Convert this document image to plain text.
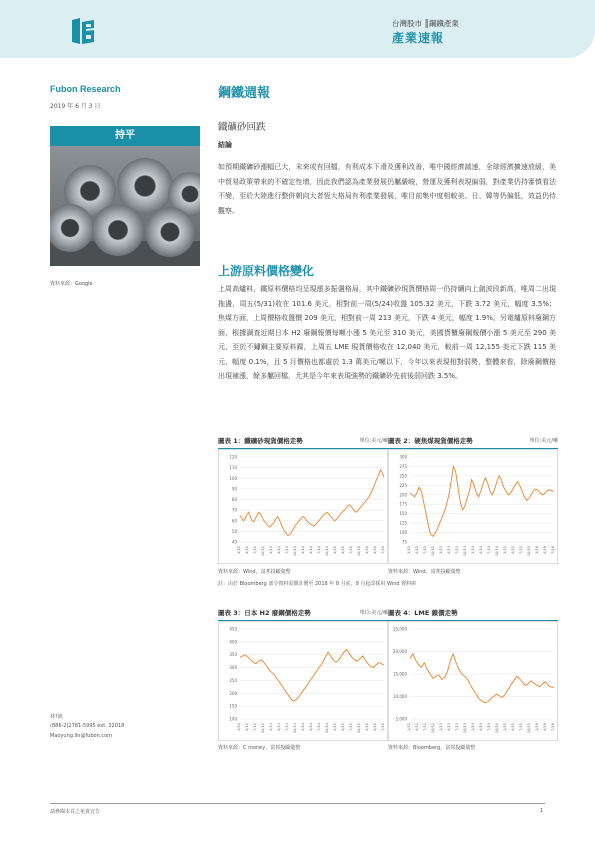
台灣股市 ║鋼鐵產業
產業速報
Fubon Research
2019 年 6 月 3 日
持平
資料來源：Google
鋼鐵週報
鐵礦砂回跌
結論

如預期鐵礦砂漲幅已大，未來或有回檔，有利成本下滑及獲利改善，唯中國經濟減速，全球經濟擴速放緩，美中貿易政策帶來的不確定性增，因此我們認為產業發展仍屬嚴峻，營運及獲利表現偏弱，對產業仍持審慎看法不變，至於大陸進行整併朝向大者恆大格局有利產業發展，唯目前集中度相較美、日、韓等仍偏低，效益仍待觀察。

上游原料價格變化

上周高爐料，鐵原料價格均呈現漲多振盪格局，其中鐵礦砂現貨價格周一仍持續向上創波段新高，唯周二出現拖盪，周五(5/31)收在 101.6 美元，相對前一周(5/24)收盤 105.32 美元，下跌 3.72 美元，幅度 3.5%；焦煤方面，上周價格收盤價 209 美元，相對前一周 213 美元，下跌 4 美元，幅度 1.9%。另電爐原料廢鋼方面，根據調查近期日本 H2 廢鋼報價每噸小漲 5 美元至 310 美元，美國貨櫃廢鋼報價小漲 5 美元至 290 美元，至於不鏽鋼主要原料鎳，上周五 LME 現貨價格收在 12,040 美元，較前一周 12,155 美元下跌 115 美元，幅度 0.1%，且 5 月價格也都處於 1.3 萬美元/噸以下，今年以來表現相對弱勢，整體來看，除廢鋼價格出現補漲，餘多屬回檔，尤其是今年來表現強勢的鐵礦砂先前後弱回跌 3.5%。

圖表 1：鐵礦砂現貨價格走勢	單位:美元/噸
120
110
100
90
80
70
60
50
40
1/12 4/12 7/12 10/12 1/13 4/13 7/13 10/13 1/14 4/14 7/14 10/14 1/15 4/15 7/15 10/15 1/16 4/16 7/16
圖表 2：硬焦煤現貨價格走勢	單位:美元/噸
300
275
250
225
200
175
150
125
100
75
1/12 4/12 7/12 10/12 1/13 4/13 7/13 10/13 1/14 4/14 7/14 10/14 1/15 4/15 7/15 10/15 1/16 4/16 7/16
資料來源：Wind，富邦投顧彙整	資料來源：Wind，富邦投顧彙整
註：由於 Bloomberg 部分資料需額計價至 2018 年 8 月底，9 月起改採用 Wind 資料庫
圖表 3：日本 H2 廢鋼價格走勢	單位:美元/噸
450
400
350
300
250
200
150
100
1/12 4/12 7/12 10/12 1/13 4/13 7/13 10/13 1/14 4/14 7/14 10/14 1/15 4/15 7/15 10/15 1/16 4/16 7/16
圖表 4：LME 鎳價走勢
25,000
20,000
15,000
10,000
5,000
1/12 4/12 7/12 10/12 1/13 4/13 7/13 10/13 1/14 4/14 7/14 10/14 1/15 4/15 7/15 10/15 1/16 4/16 7/16
資料來源：C money，富邦投顧彙整	資料來源：Bloomberg，富邦投顧彙整
林?娟
(886-2)2781-5995 ext. 32018
Maoyung.lin@fubon.com
請參閱末頁之免責宣告	1
